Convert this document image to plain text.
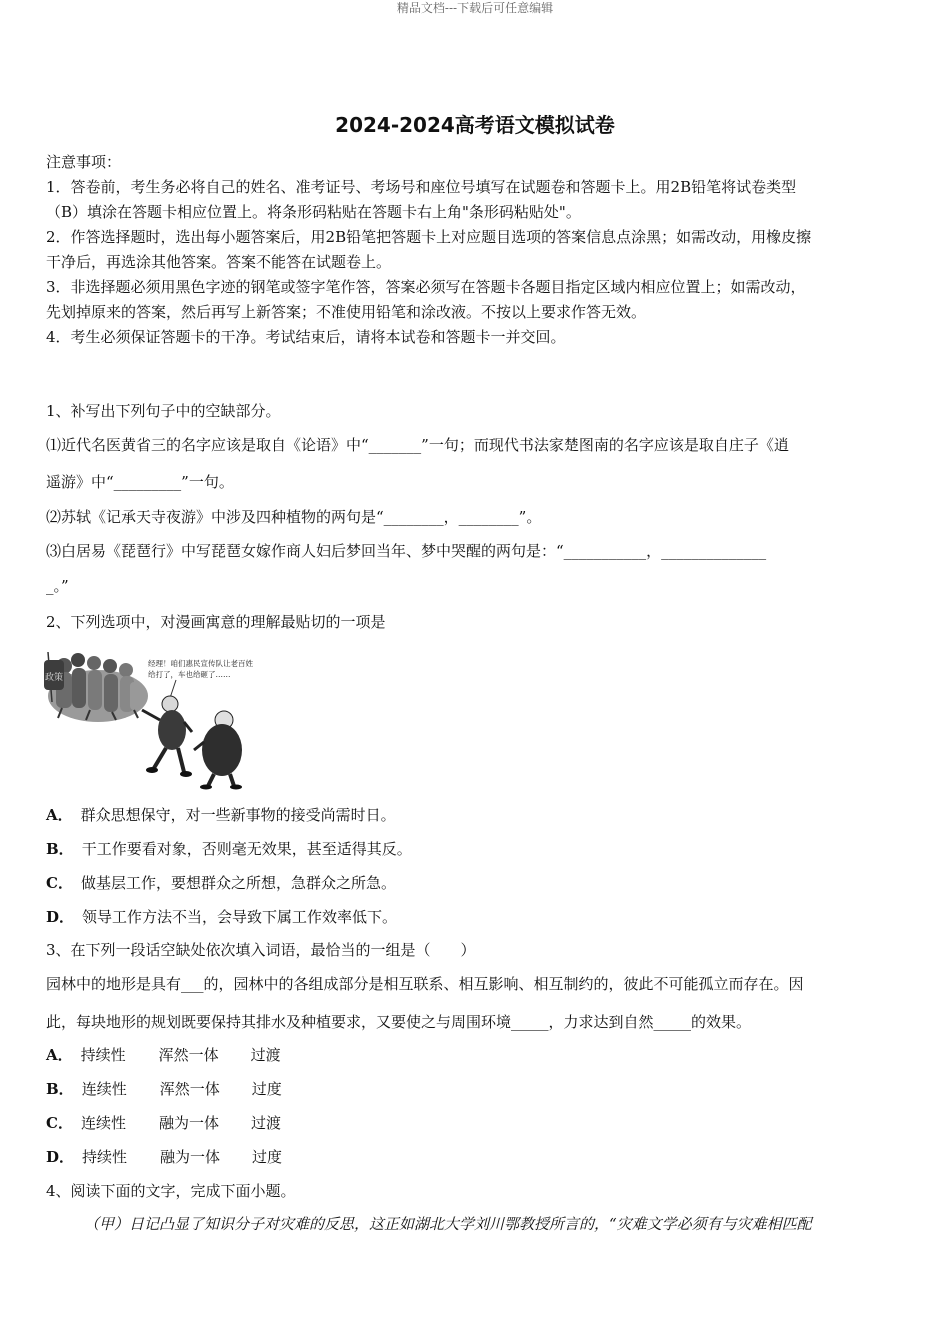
精品文档---下载后可任意编辑
2024-2024高考语文模拟试卷
注意事项：
1．答卷前，考生务必将自己的姓名、准考证号、考场号和座位号填写在试题卷和答题卡上。用2B铅笔将试卷类型
（B）填涂在答题卡相应位置上。将条形码粘贴在答题卡右上角"条形码粘贴处"。
2．作答选择题时，选出每小题答案后，用2B铅笔把答题卡上对应题目选项的答案信息点涂黑；如需改动，用橡皮擦
干净后，再选涂其他答案。答案不能答在试题卷上。
3．非选择题必须用黑色字迹的钢笔或签字笔作答，答案必须写在答题卡各题目指定区域内相应位置上；如需改动，
先划掉原来的答案，然后再写上新答案；不准使用铅笔和涂改液。不按以上要求作答无效。
4．考生必须保证答题卡的干净。考试结束后，请将本试卷和答题卡一并交回。
1、补写出下列句子中的空缺部分。
⑴近代名医黄省三的名字应该是取自《论语》中“_______”一句；而现代书法家楚图南的名字应该是取自庄子《逍
遥游》中“_________”一句。
⑵苏轼《记承天寺夜游》中涉及四种植物的两句是“________，________”。
⑶白居易《琵琶行》中写琵琶女嫁作商人妇后梦回当年、梦中哭醒的两句是：“___________，______________
_。”
2、下列选项中，对漫画寓意的理解最贴切的一项是
政策
经理！咱们惠民宣传队让老百姓
给打了，车也给砸了……
A． 群众思想保守，对一些新事物的接受尚需时日。
B． 干工作要看对象，否则毫无效果，甚至适得其反。
C． 做基层工作，要想群众之所想，急群众之所急。
D． 领导工作方法不当，会导致下属工作效率低下。
3、在下列一段话空缺处依次填入词语，最恰当的一组是（　　）
园林中的地形是具有___的，园林中的各组成部分是相互联系、相互影响、相互制约的，彼此不可能孤立而存在。因
此，每块地形的规划既要保持其排水及种植要求，又要使之与周围环境_____，力求达到自然_____的效果。
A． 持续性 浑然一体 过渡
B． 连续性 浑然一体 过度
C． 连续性 融为一体 过渡
D． 持续性 融为一体 过度
4、阅读下面的文字，完成下面小题。
（甲）日记凸显了知识分子对灾难的反思，这正如湖北大学刘川鄂教授所言的，“灾难文学必须有与灾难相匹配
